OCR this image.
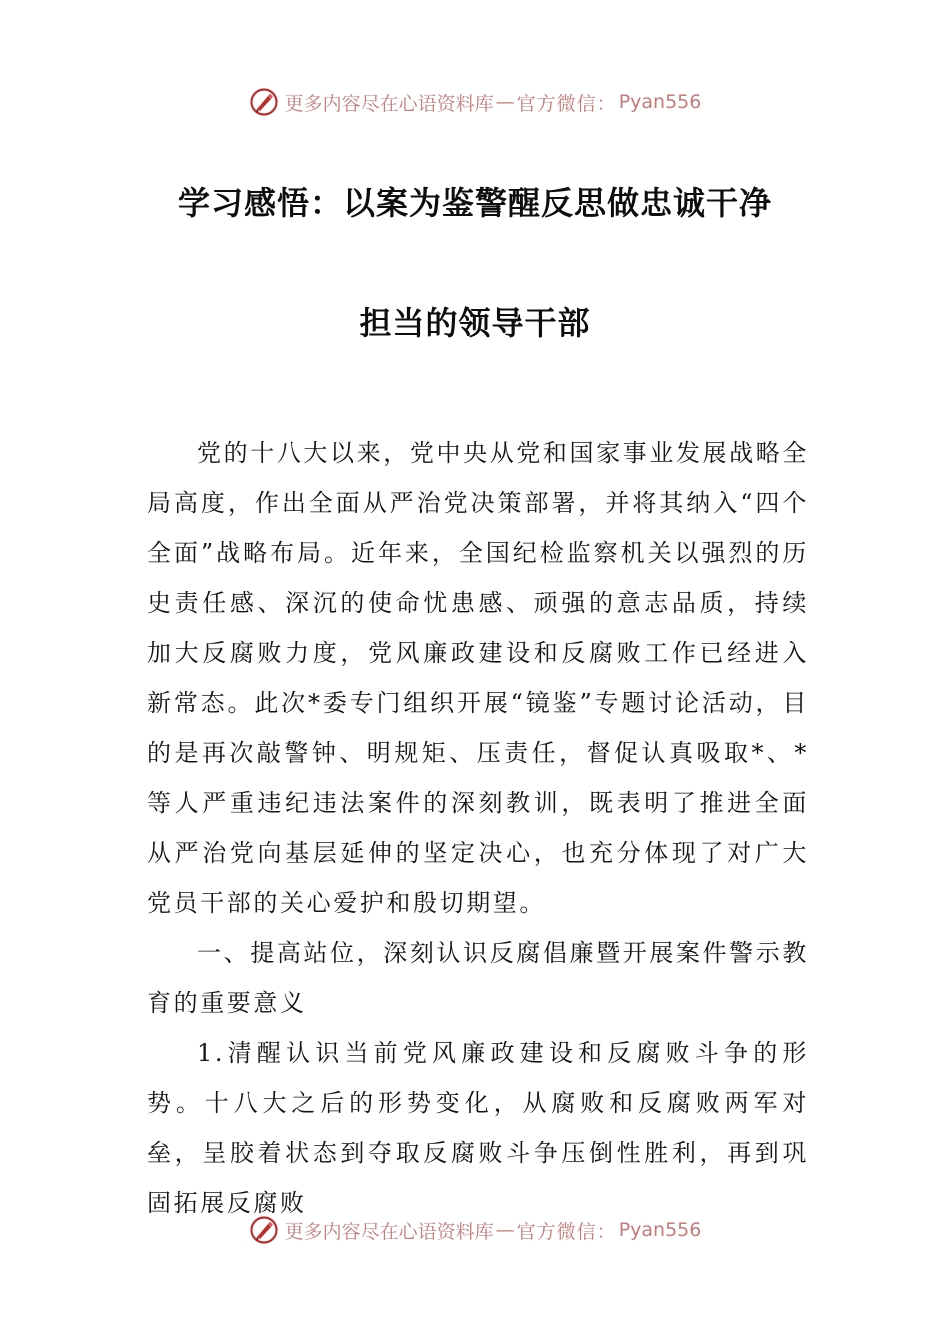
更多内容尽在心语资料库 — 官方微信： Pyan556
学习感悟：以案为鉴警醒反思做忠诚干净
担当的领导干部

党的十八大以来，党中央从党和国家事业发展战略全局高度，作出全面从严治党决策部署，并将其纳入“四个全面”战略布局。近年来，全国纪检监察机关以强烈的历史责任感、深沉的使命忧患感、顽强的意志品质，持续加大反腐败力度，党风廉政建设和反腐败工作已经进入新常态。此次*委专门组织开展“镜鉴”专题讨论活动，目的是再次敲警钟、明规矩、压责任，督促认真吸取*、*等人严重违纪违法案件的深刻教训，既表明了推进全面从严治党向基层延伸的坚定决心，也充分体现了对广大党员干部的关心爱护和殷切期望。

一、提高站位，深刻认识反腐倡廉暨开展案件警示教育的重要意义

1.清醒认识当前党风廉政建设和反腐败斗争的形势。十八大之后的形势变化，从腐败和反腐败两军对垒，呈胶着状态到夺取反腐败斗争压倒性胜利，再到巩固拓展反腐败

更多内容尽在心语资料库 — 官方微信： Pyan556
